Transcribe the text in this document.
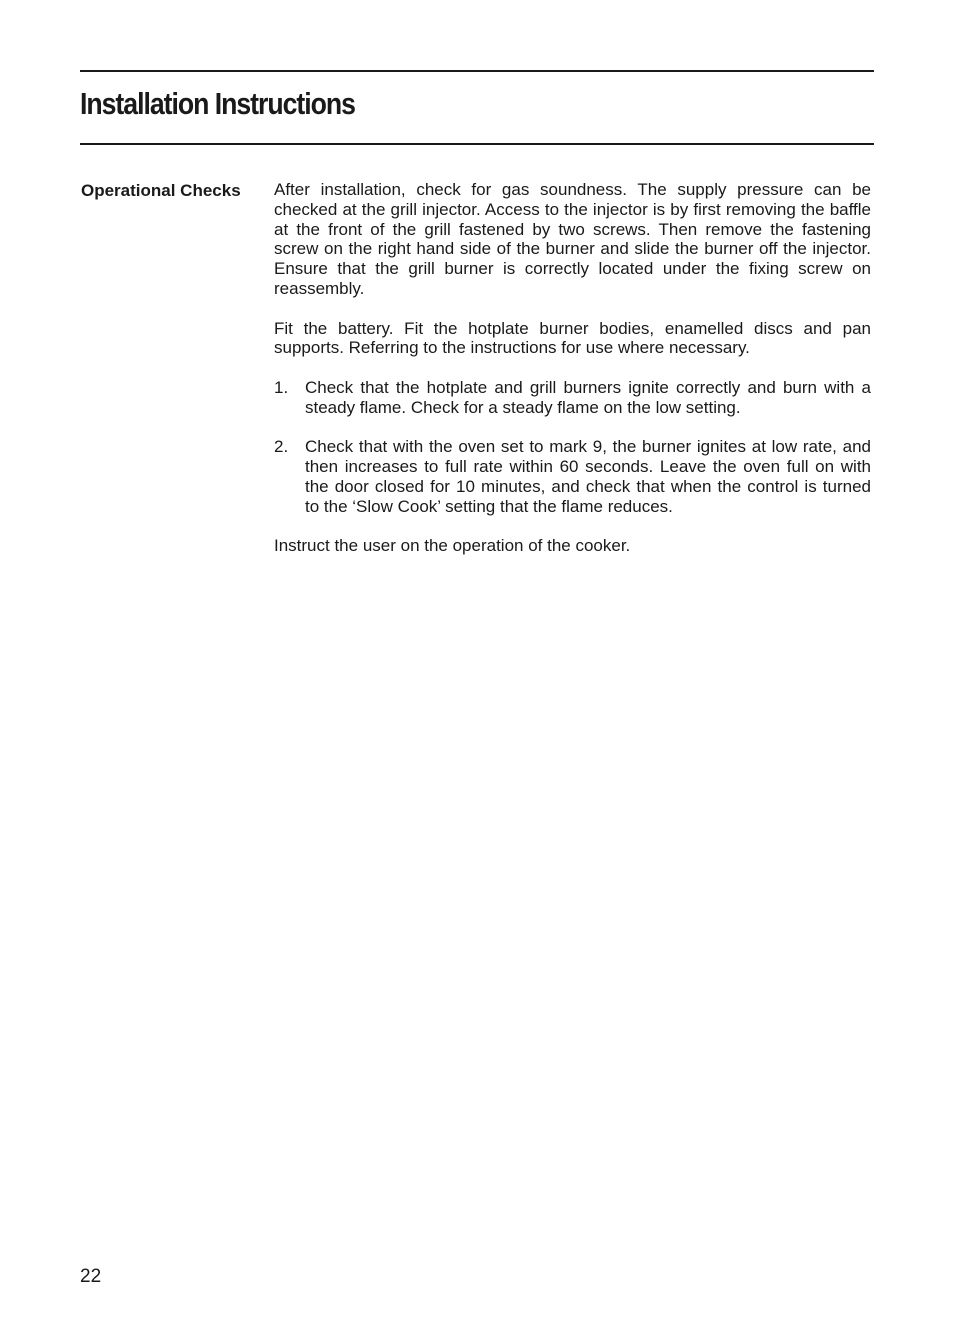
Installation Instructions
Operational Checks	After installation, check for gas soundness. The supply pressure can be checked at the grill injector. Access to the injector is by first removing the baffle at the front of the grill fastened by two screws. Then remove the fastening screw on the right hand side of the burner and slide the burner off the injector. Ensure that the grill burner is correctly located under the fixing screw on reassembly.

Fit the battery. Fit the hotplate burner bodies, enamelled discs and pan supports. Referring to the instructions for use where necessary.

1. Check that the hotplate and grill burners ignite correctly and burn with a steady flame. Check for a steady flame on the low setting.
2. Check that with the oven set to mark 9, the burner ignites at low rate, and then increases to full rate within 60 seconds. Leave the oven full on with the door closed for 10 minutes, and check that when the control is turned to the ‘Slow Cook’ setting that the flame reduces.

Instruct the user on the operation of the cooker.

22
